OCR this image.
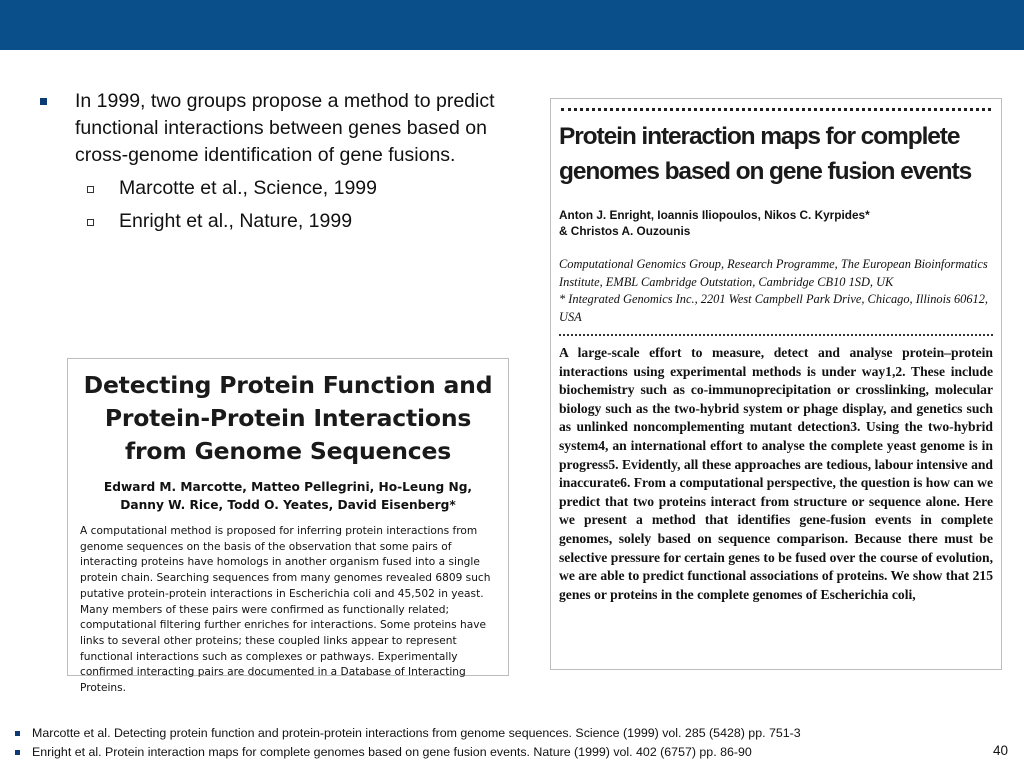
In 1999, two groups propose a method to predict functional interactions between genes based on cross-genome identification of gene fusions.
Marcotte et al., Science, 1999
Enright et al., Nature, 1999
Protein interaction maps for complete genomes based on gene fusion events
Anton J. Enright, Ioannis Iliopoulos, Nikos C. Kyrpides*
& Christos A. Ouzounis
Computational Genomics Group, Research Programme, The European Bioinformatics Institute, EMBL Cambridge Outstation, Cambridge CB10 1SD, UK
* Integrated Genomics Inc., 2201 West Campbell Park Drive, Chicago, Illinois 60612, USA
A large-scale effort to measure, detect and analyse protein–protein interactions using experimental methods is under way1,2. These include biochemistry such as co-immunoprecipitation or crosslinking, molecular biology such as the two-hybrid system or phage display, and genetics such as unlinked noncomplementing mutant detection3. Using the two-hybrid system4, an international effort to analyse the complete yeast genome is in progress5. Evidently, all these approaches are tedious, labour intensive and inaccurate6. From a computational perspective, the question is how can we predict that two proteins interact from structure or sequence alone. Here we present a method that identifies gene-fusion events in complete genomes, solely based on sequence comparison. Because there must be selective pressure for certain genes to be fused over the course of evolution, we are able to predict functional associations of proteins. We show that 215 genes or proteins in the complete genomes of Escherichia coli,
Detecting Protein Function and Protein-Protein Interactions from Genome Sequences
Edward M. Marcotte, Matteo Pellegrini, Ho-Leung Ng, Danny W. Rice, Todd O. Yeates, David Eisenberg*
A computational method is proposed for inferring protein interactions from genome sequences on the basis of the observation that some pairs of interacting proteins have homologs in another organism fused into a single protein chain. Searching sequences from many genomes revealed 6809 such putative protein-protein interactions in Escherichia coli and 45,502 in yeast. Many members of these pairs were confirmed as functionally related; computational filtering further enriches for interactions. Some proteins have links to several other proteins; these coupled links appear to represent functional interactions such as complexes or pathways. Experimentally confirmed interacting pairs are documented in a Database of Interacting Proteins.
Marcotte et al. Detecting protein function and protein-protein interactions from genome sequences. Science (1999) vol. 285 (5428) pp. 751-3
Enright et al. Protein interaction maps for complete genomes based on gene fusion events. Nature (1999) vol. 402 (6757) pp. 86-90	40
